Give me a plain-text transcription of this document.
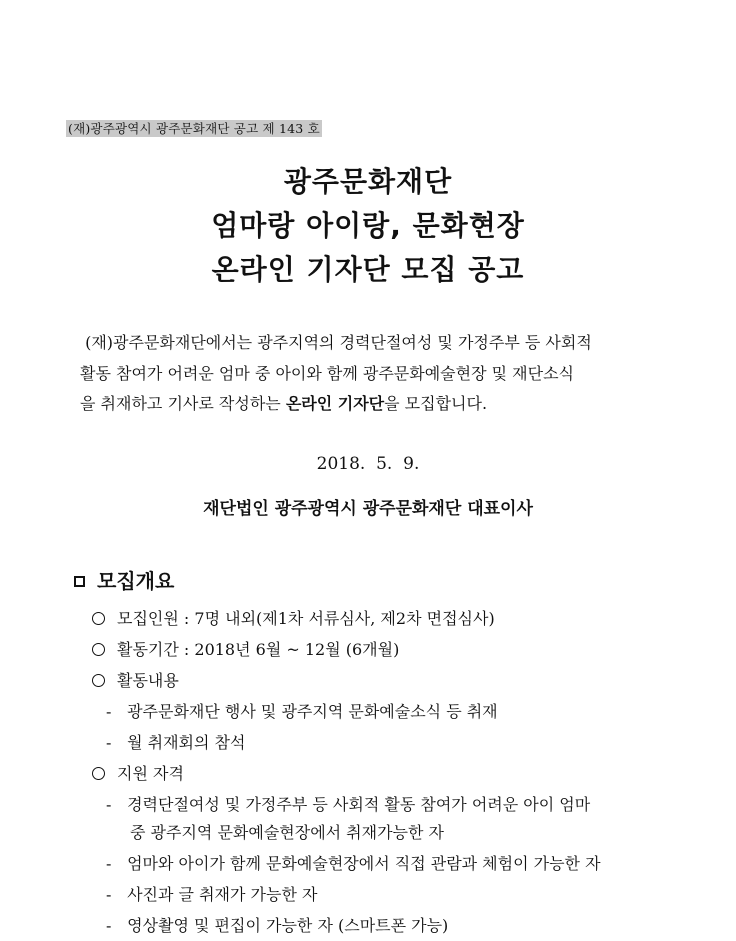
(재)광주광역시 광주문화재단 공고 제 143 호
광주문화재단
엄마랑 아이랑, 문화현장
온라인 기자단 모집 공고
(재)광주문화재단에서는 광주지역의 경력단절여성 및 가정주부 등 사회적
활동 참여가 어려운 엄마 중 아이와 함께 광주문화예술현장 및 재단소식
을 취재하고 기사로 작성하는 온라인 기자단을 모집합니다.
2018.  5.  9.
재단법인 광주광역시 광주문화재단 대표이사
모집개요
모집인원 : 7명 내외(제1차 서류심사, 제2차 면접심사)
활동기간 : 2018년 6월 ~ 12월 (6개월)
활동내용
- 광주문화재단 행사 및 광주지역 문화예술소식 등 취재
- 월 취재회의 참석
지원 자격
- 경력단절여성 및 가정주부 등 사회적 활동 참여가 어려운 아이 엄마
중 광주지역 문화예술현장에서 취재가능한 자
- 엄마와 아이가 함께 문화예술현장에서 직접 관람과 체험이 가능한 자
- 사진과 글 취재가 가능한 자
- 영상촬영 및 편집이 가능한 자 (스마트폰 가능)
